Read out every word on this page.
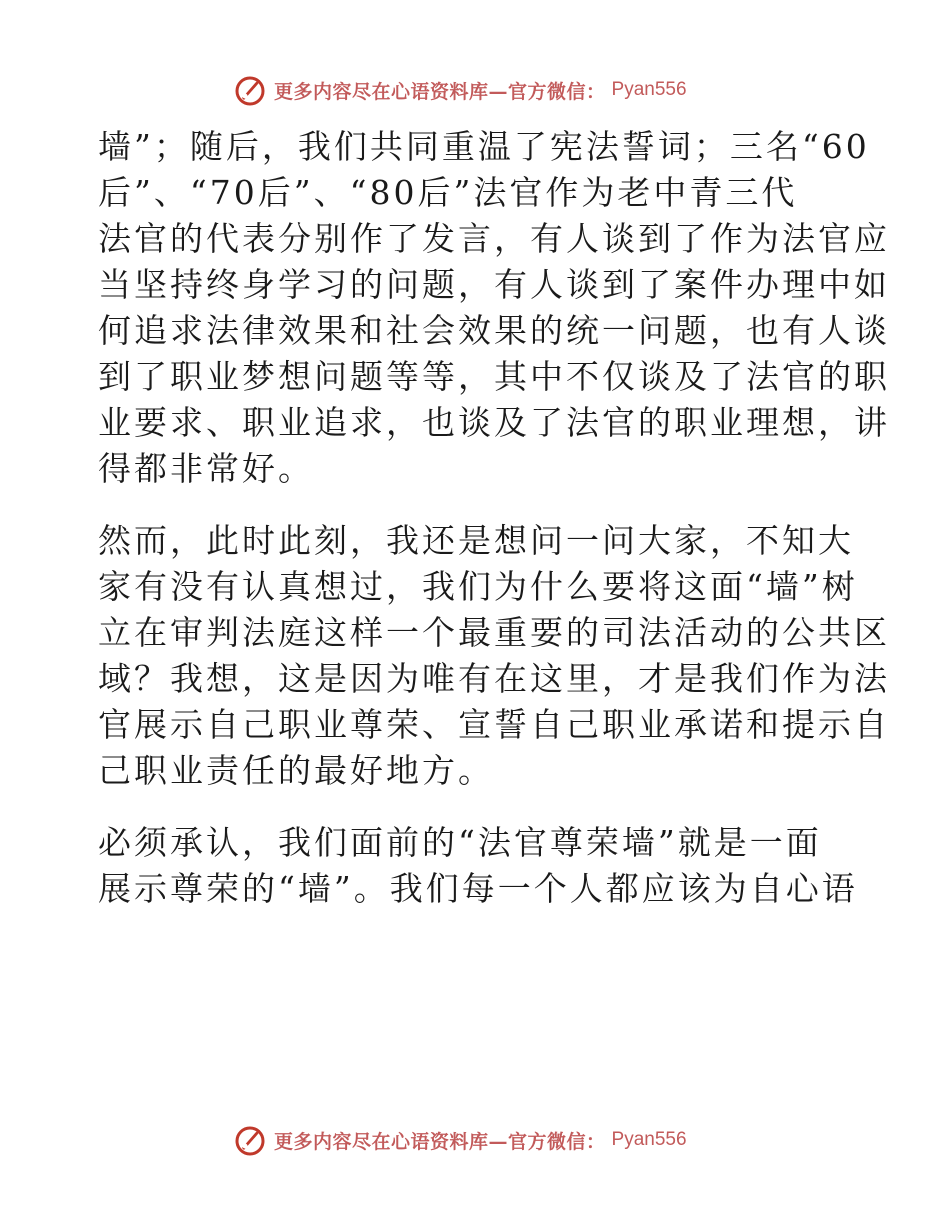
更多内容尽在心语资料库—官方微信： Pyan556

墙”；随后，我们共同重温了宪法誓词；三名“60
后”、“70后”、“80后”法官作为老中青三代
法官的代表分别作了发言，有人谈到了作为法官应
当坚持终身学习的问题，有人谈到了案件办理中如
何追求法律效果和社会效果的统一问题，也有人谈
到了职业梦想问题等等，其中不仅谈及了法官的职
业要求、职业追求，也谈及了法官的职业理想，讲
得都非常好。

然而，此时此刻，我还是想问一问大家，不知大
家有没有认真想过，我们为什么要将这面“墙”树
立在审判法庭这样一个最重要的司法活动的公共区
域？我想，这是因为唯有在这里，才是我们作为法
官展示自己职业尊荣、宣誓自己职业承诺和提示自
己职业责任的最好地方。

必须承认，我们面前的“法官尊荣墙”就是一面
展示尊荣的“墙”。我们每一个人都应该为自心语

更多内容尽在心语资料库—官方微信： Pyan556
